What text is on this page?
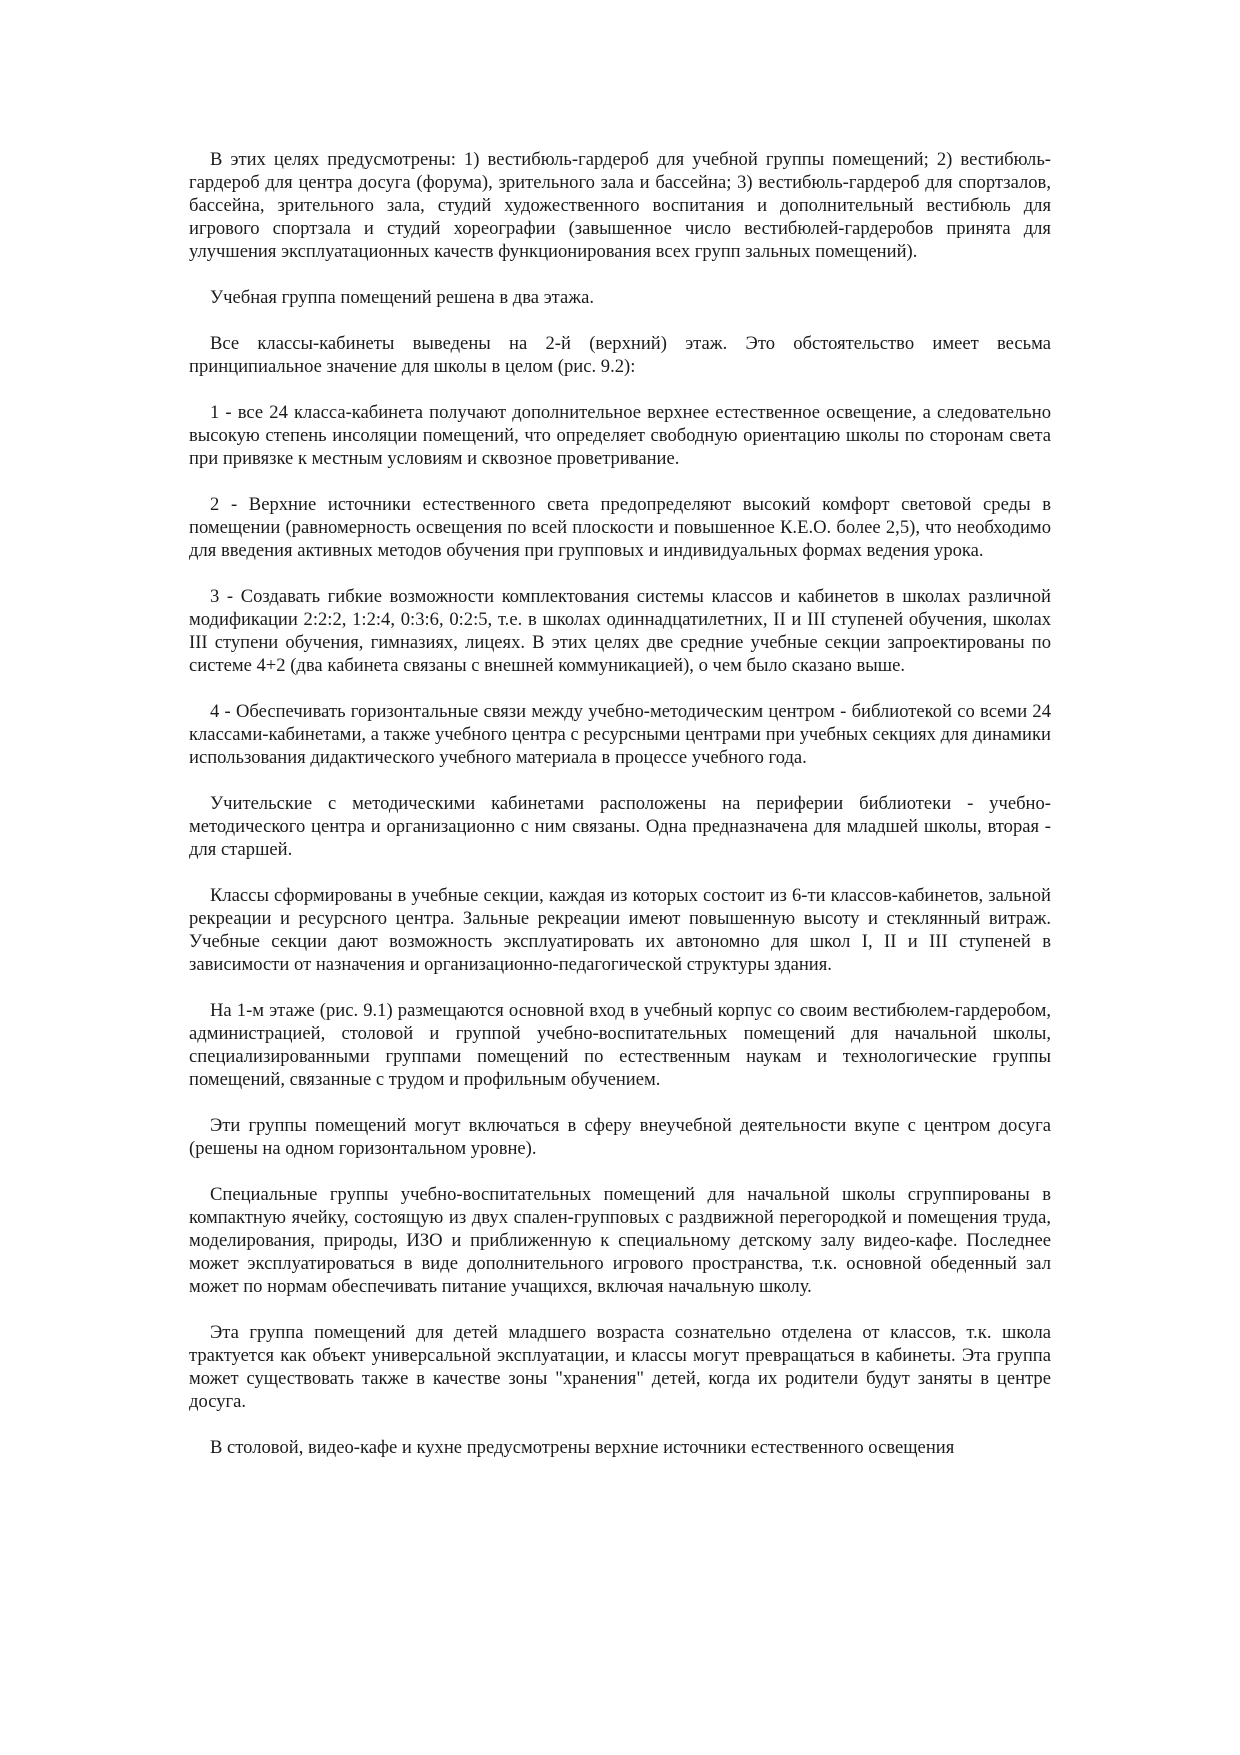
В этих целях предусмотрены: 1) вестибюль-гардероб для учебной группы помещений; 2) вестибюль-гардероб для центра досуга (форума), зрительного зала и бассейна; 3) вестибюль-гардероб для спортзалов, бассейна, зрительного зала, студий художественного воспитания и дополнительный вестибюль для игрового спортзала и студий хореографии (завышенное число вестибюлей-гардеробов принята для улучшения эксплуатационных качеств функционирования всех групп зальных помещений).

Учебная группа помещений решена в два этажа.

Все классы-кабинеты выведены на 2-й (верхний) этаж. Это обстоятельство имеет весьма принципиальное значение для школы в целом (рис. 9.2):

1 - все 24 класса-кабинета получают дополнительное верхнее естественное освещение, а следовательно высокую степень инсоляции помещений, что определяет свободную ориентацию школы по сторонам света при привязке к местным условиям и сквозное проветривание.

2 - Верхние источники естественного света предопределяют высокий комфорт световой среды в помещении (равномерность освещения по всей плоскости и повышенное К.Е.О. более 2,5), что необходимо для введения активных методов обучения при групповых и индивидуальных формах ведения урока.

3 - Создавать гибкие возможности комплектования системы классов и кабинетов в школах различной модификации 2:2:2, 1:2:4, 0:3:6, 0:2:5, т.е. в школах одиннадцатилетних, II и III ступеней обучения, школах III ступени обучения, гимназиях, лицеях. В этих целях две средние учебные секции запроектированы по системе 4+2 (два кабинета связаны с внешней коммуникацией), о чем было сказано выше.

4 - Обеспечивать горизонтальные связи между учебно-методическим центром - библиотекой со всеми 24 классами-кабинетами, а также учебного центра с ресурсными центрами при учебных секциях для динамики использования дидактического учебного материала в процессе учебного года.

Учительские с методическими кабинетами расположены на периферии библиотеки - учебно-методического центра и организационно с ним связаны. Одна предназначена для младшей школы, вторая - для старшей.

Классы сформированы в учебные секции, каждая из которых состоит из 6-ти классов-кабинетов, зальной рекреации и ресурсного центра. Зальные рекреации имеют повышенную высоту и стеклянный витраж. Учебные секции дают возможность эксплуатировать их автономно для школ I, II и III ступеней в зависимости от назначения и организационно-педагогической структуры здания.

На 1-м этаже (рис. 9.1) размещаются основной вход в учебный корпус со своим вестибюлем-гардеробом, администрацией, столовой и группой учебно-воспитательных помещений для начальной школы, специализированными группами помещений по естественным наукам и технологические группы помещений, связанные с трудом и профильным обучением.

Эти группы помещений могут включаться в сферу внеучебной деятельности вкупе с центром досуга (решены на одном горизонтальном уровне).

Специальные группы учебно-воспитательных помещений для начальной школы сгруппированы в компактную ячейку, состоящую из двух спален-групповых с раздвижной перегородкой и помещения труда, моделирования, природы, ИЗО и приближенную к специальному детскому залу видео-кафе. Последнее может эксплуатироваться в виде дополнительного игрового пространства, т.к. основной обеденный зал может по нормам обеспечивать питание учащихся, включая начальную школу.

Эта группа помещений для детей младшего возраста сознательно отделена от классов, т.к. школа трактуется как объект универсальной эксплуатации, и классы могут превращаться в кабинеты. Эта группа может существовать также в качестве зоны "хранения" детей, когда их родители будут заняты в центре досуга.

В столовой, видео-кафе и кухне предусмотрены верхние источники естественного освещения
